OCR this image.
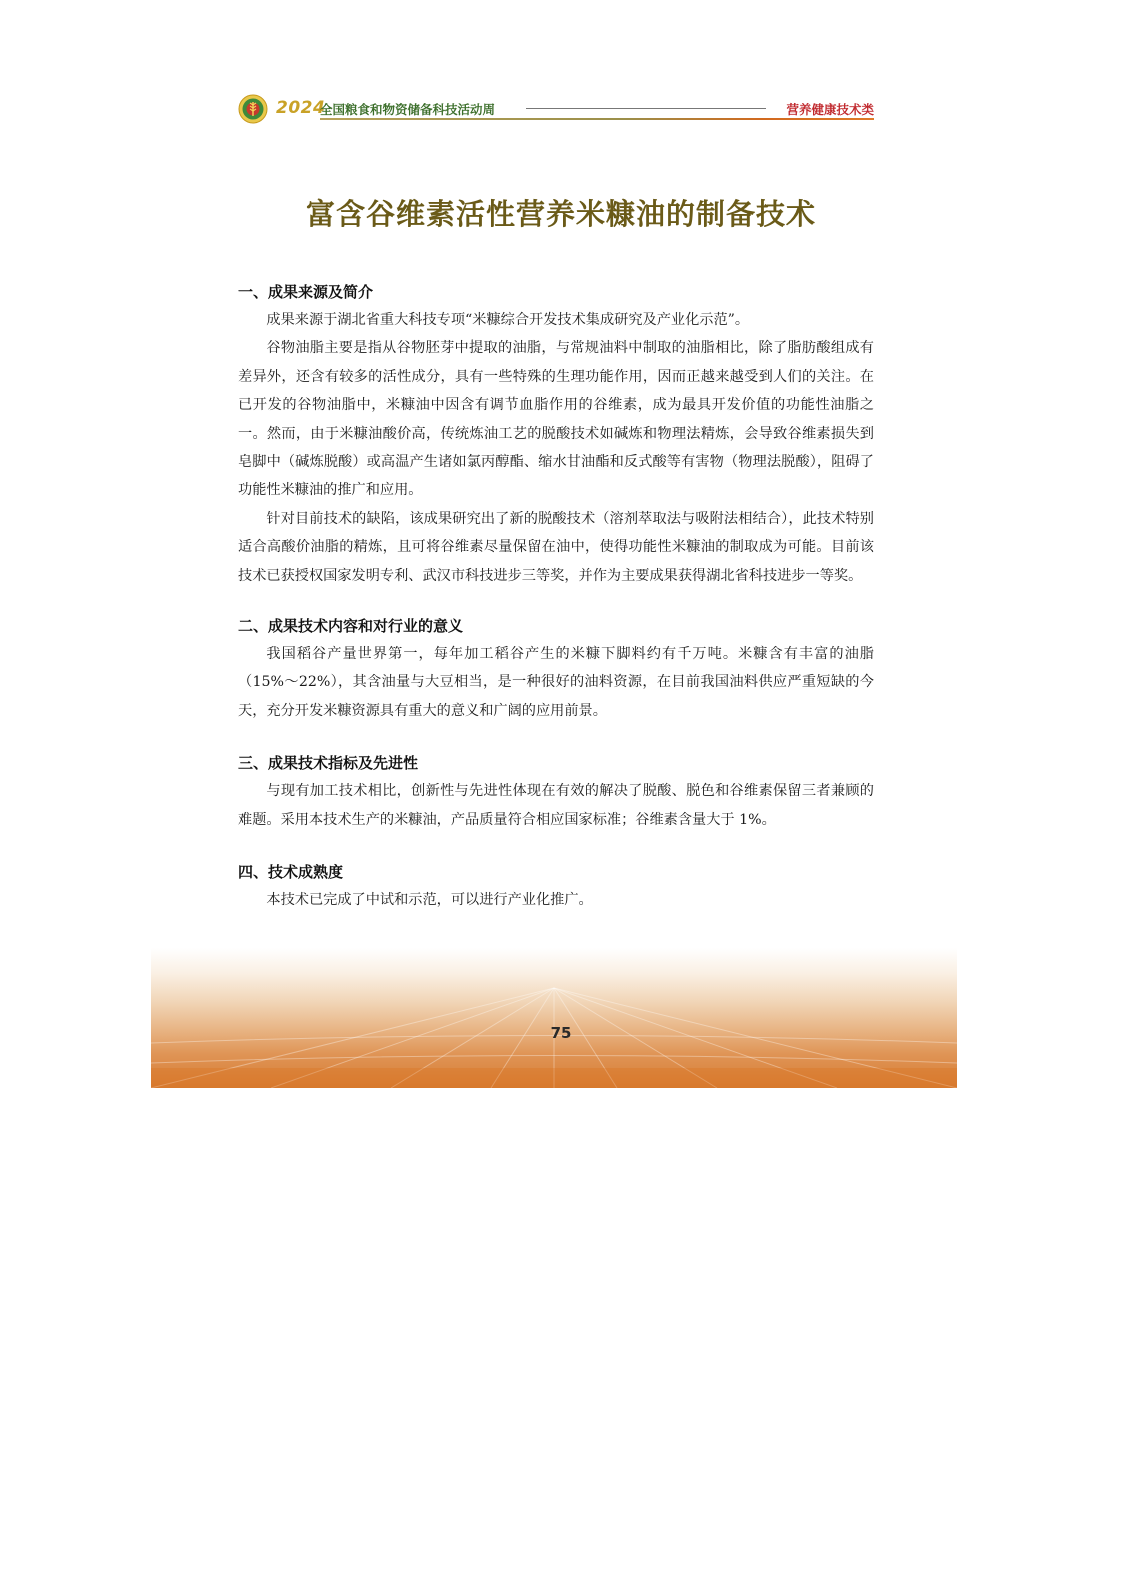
2024
全国粮食和物资储备科技活动周	营养健康技术类
富含谷维素活性营养米糠油的制备技术
一、成果来源及简介

成果来源于湖北省重大科技专项“米糠综合开发技术集成研究及产业化示范”。

谷物油脂主要是指从谷物胚芽中提取的油脂，与常规油料中制取的油脂相比，除了脂肪酸组成有差异外，还含有较多的活性成分，具有一些特殊的生理功能作用，因而正越来越受到人们的关注。在已开发的谷物油脂中，米糠油中因含有调节血脂作用的谷维素，成为最具开发价值的功能性油脂之一。然而，由于米糠油酸价高，传统炼油工艺的脱酸技术如碱炼和物理法精炼，会导致谷维素损失到皂脚中（碱炼脱酸）或高温产生诸如氯丙醇酯、缩水甘油酯和反式酸等有害物（物理法脱酸），阻碍了功能性米糠油的推广和应用。

针对目前技术的缺陷，该成果研究出了新的脱酸技术（溶剂萃取法与吸附法相结合），此技术特别适合高酸价油脂的精炼，且可将谷维素尽量保留在油中，使得功能性米糠油的制取成为可能。目前该技术已获授权国家发明专利、武汉市科技进步三等奖，并作为主要成果获得湖北省科技进步一等奖。

二、成果技术内容和对行业的意义

我国稻谷产量世界第一，每年加工稻谷产生的米糠下脚料约有千万吨。米糠含有丰富的油脂（15%～22%），其含油量与大豆相当，是一种很好的油料资源，在目前我国油料供应严重短缺的今天，充分开发米糠资源具有重大的意义和广阔的应用前景。

三、成果技术指标及先进性

与现有加工技术相比，创新性与先进性体现在有效的解决了脱酸、脱色和谷维素保留三者兼顾的难题。采用本技术生产的米糠油，产品质量符合相应国家标准；谷维素含量大于 1%。

四、技术成熟度

本技术已完成了中试和示范，可以进行产业化推广。

75
